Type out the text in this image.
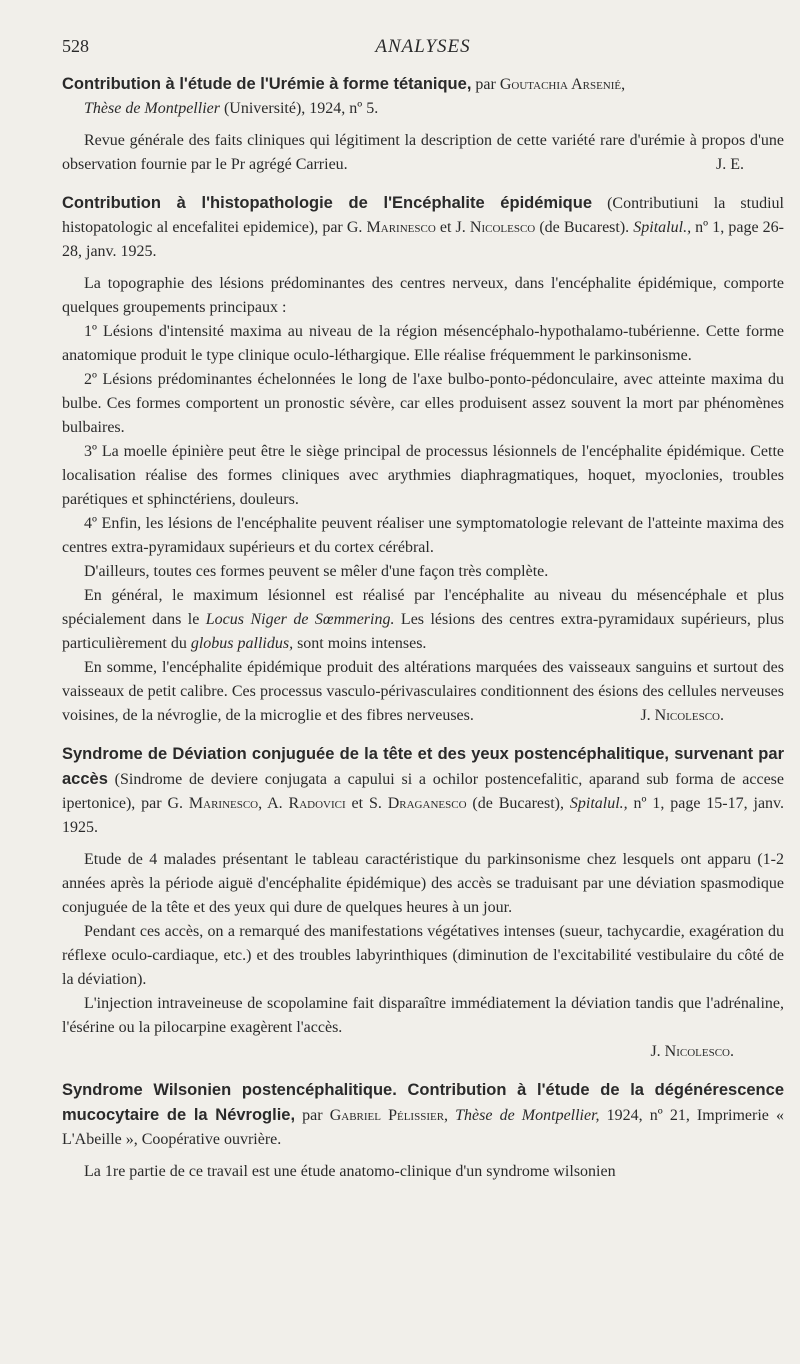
528	ANALYSES

Contribution à l'étude de l'Urémie à forme tétanique, par Goutachia Arsenié,
Thèse de Montpellier (Université), 1924, nº 5.

Revue générale des faits cliniques qui légitiment la description de cette variété rare d'urémie à propos d'une observation fournie par le Pr agrégé Carrieu.	J. E.

Contribution à l'histopathologie de l'Encéphalite épidémique (Contributiuni la studiul histopatologic al encefalitei epidemice), par G. Marinesco et J. Nicolesco (de Bucarest). Spitalul., nº 1, page 26-28, janv. 1925.

La topographie des lésions prédominantes des centres nerveux, dans l'encéphalite épidémique, comporte quelques groupements principaux :

1º Lésions d'intensité maxima au niveau de la région mésencéphalo-hypothalamo-tubérienne. Cette forme anatomique produit le type clinique oculo-léthargique. Elle réalise fréquemment le parkinsonisme.

2º Lésions prédominantes échelonnées le long de l'axe bulbo-ponto-pédonculaire, avec atteinte maxima du bulbe. Ces formes comportent un pronostic sévère, car elles produisent assez souvent la mort par phénomènes bulbaires.

3º La moelle épinière peut être le siège principal de processus lésionnels de l'encéphalite épidémique. Cette localisation réalise des formes cliniques avec arythmies diaphragmatiques, hoquet, myoclonies, troubles parétiques et sphinctériens, douleurs.

4º Enfin, les lésions de l'encéphalite peuvent réaliser une symptomatologie relevant de l'atteinte maxima des centres extra-pyramidaux supérieurs et du cortex cérébral.

D'ailleurs, toutes ces formes peuvent se mêler d'une façon très complète.

En général, le maximum lésionnel est réalisé par l'encéphalite au niveau du mésencéphale et plus spécialement dans le Locus Niger de Sœmmering. Les lésions des centres extra-pyramidaux supérieurs, plus particulièrement du globus pallidus, sont moins intenses.

En somme, l'encéphalite épidémique produit des altérations marquées des vaisseaux sanguins et surtout des vaisseaux de petit calibre. Ces processus vasculo-périvasculaires conditionnent des ésions des cellules nerveuses voisines, de la névroglie, de la microglie et des fibres nerveuses.	J. Nicolesco.

Syndrome de Déviation conjuguée de la tête et des yeux postencéphalitique, survenant par accès (Sindrome de deviere conjugata a capului si a ochilor postencefalitic, aparand sub forma de accese ipertonice), par G. Marinesco, A. Radovici et S. Draganesco (de Bucarest), Spitalul., nº 1, page 15-17, janv. 1925.

Etude de 4 malades présentant le tableau caractéristique du parkinsonisme chez lesquels ont apparu (1-2 années après la période aiguë d'encéphalite épidémique) des accès se traduisant par une déviation spasmodique conjuguée de la tête et des yeux qui dure de quelques heures à un jour.

Pendant ces accès, on a remarqué des manifestations végétatives intenses (sueur, tachycardie, exagération du réflexe oculo-cardiaque, etc.) et des troubles labyrinthiques (diminution de l'excitabilité vestibulaire du côté de la déviation).

L'injection intraveineuse de scopolamine fait disparaître immédiatement la déviation tandis que l'adrénaline, l'ésérine ou la pilocarpine exagèrent l'accès.

J. Nicolesco.

Syndrome Wilsonien postencéphalitique. Contribution à l'étude de la dégénérescence mucocytaire de la Névroglie, par Gabriel Pélissier, Thèse de Montpellier, 1924, nº 21, Imprimerie « L'Abeille », Coopérative ouvrière.

La 1re partie de ce travail est une étude anatomo-clinique d'un syndrome wilsonien
